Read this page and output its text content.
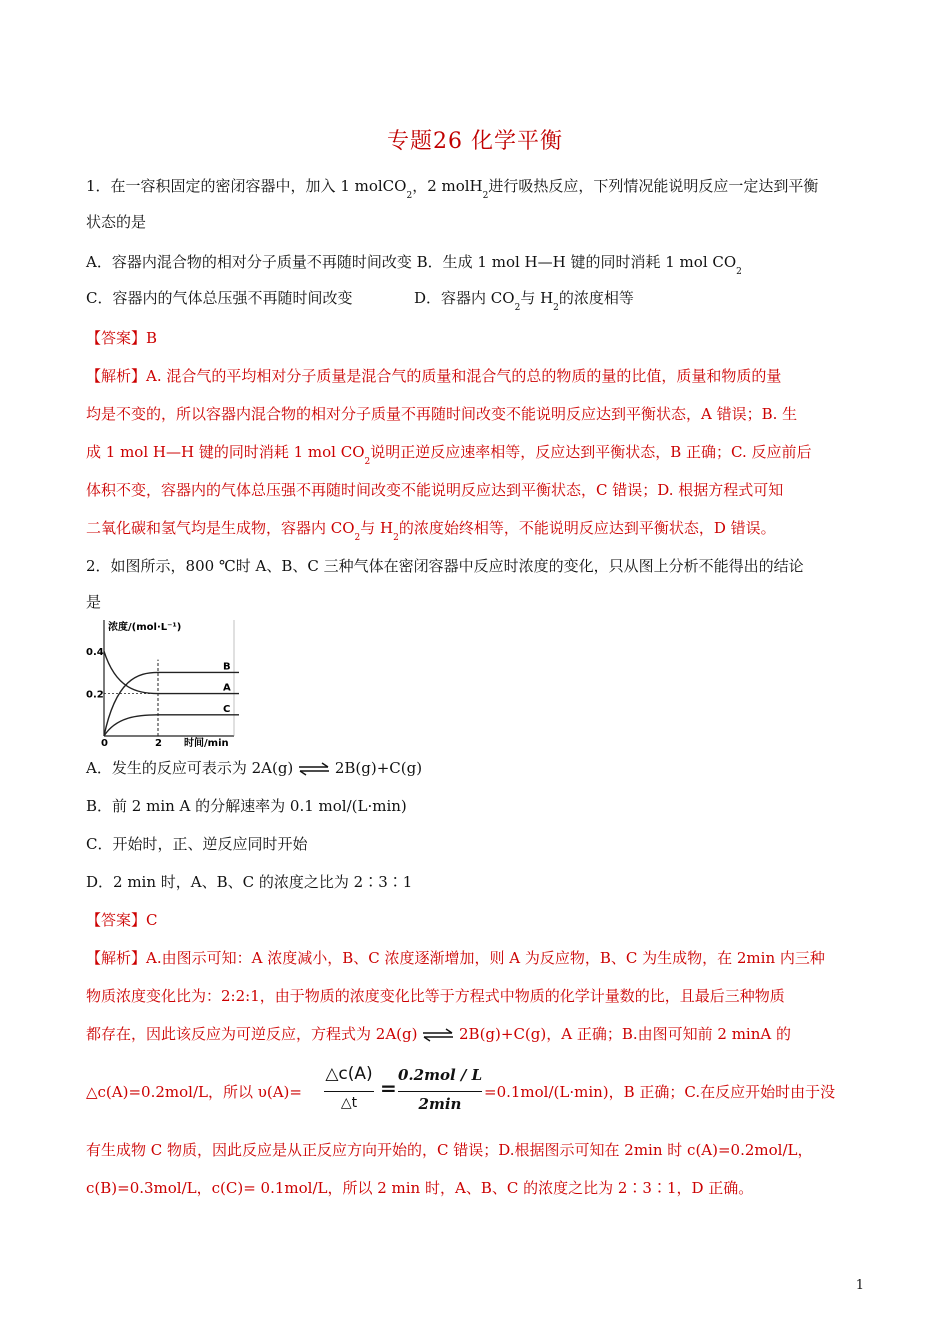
专题26 化学平衡
1．在一容积固定的密闭容器中，加入 1 molCO$_2$，2 molH$_2$进行吸热反应，下列情况能说明反应一定达到平衡
状态的是
A．容器内混合物的相对分子质量不再随时间改变 B．生成 1 mol H—H 键的同时消耗 1 mol $CO_2$
C．容器内的气体总压强不再随时间改变	D．容器内 $CO_2$与 $H_2$的浓度相等
【答案】B
【解析】A. 混合气的平均相对分子质量是混合气的质量和混合气的总的物质的量的比值，质量和物质的量
均是不变的，所以容器内混合物的相对分子质量不再随时间改变不能说明反应达到平衡状态，A 错误；B. 生
成 1 mol H—H 键的同时消耗 1 mol $CO_2$说明正逆反应速率相等，反应达到平衡状态，B 正确；C. 反应前后
体积不变，容器内的气体总压强不再随时间改变不能说明反应达到平衡状态，C 错误；D. 根据方程式可知
二氧化碳和氢气均是生成物，容器内 $CO_2$与 $H_2$的浓度始终相等，不能说明反应达到平衡状态，D 错误。
2．如图所示，800 ℃时 A、B、C 三种气体在密闭容器中反应时浓度的变化，只从图上分析不能得出的结论
是
浓度/(mol·L⁻¹)
时间/min
B
A
C
0.2
0.4
0	2
A．发生的反应可表示为 2A(g) ⇌ 2B(g)+C(g)
B．前 2 min A 的分解速率为 0.1 mol/(L·min)
C．开始时，正、逆反应同时开始
D．2 min 时，A、B、C 的浓度之比为 2∶3∶1
【答案】C
【解析】A.由图示可知：A 浓度减小，B、C 浓度逐渐增加，则 A 为反应物，B、C 为生成物，在 2min 内三种
物质浓度变化比为：2:2:1，由于物质的浓度变化比等于方程式中物质的化学计量数的比，且最后三种物质
都存在，因此该反应为可逆反应，方程式为 2A(g) ⇌ 2B(g)+C(g)，A 正确；B.由图可知前 2 minA 的
△c(A)=0.2mol/L，所以 υ(A)=
△c(A)
△t
=
0.2mol / L
2min
=0.1mol/(L·min)，B 正确；C.在反应开始时由于没
有生成物 C 物质，因此反应是从正反应方向开始的，C 错误；D.根据图示可知在 2min 时 c(A)=0.2mol/L，
c(B)=0.3mol/L，c(C)= 0.1mol/L，所以 2 min 时，A、B、C 的浓度之比为 2∶3∶1，D 正确。
1
